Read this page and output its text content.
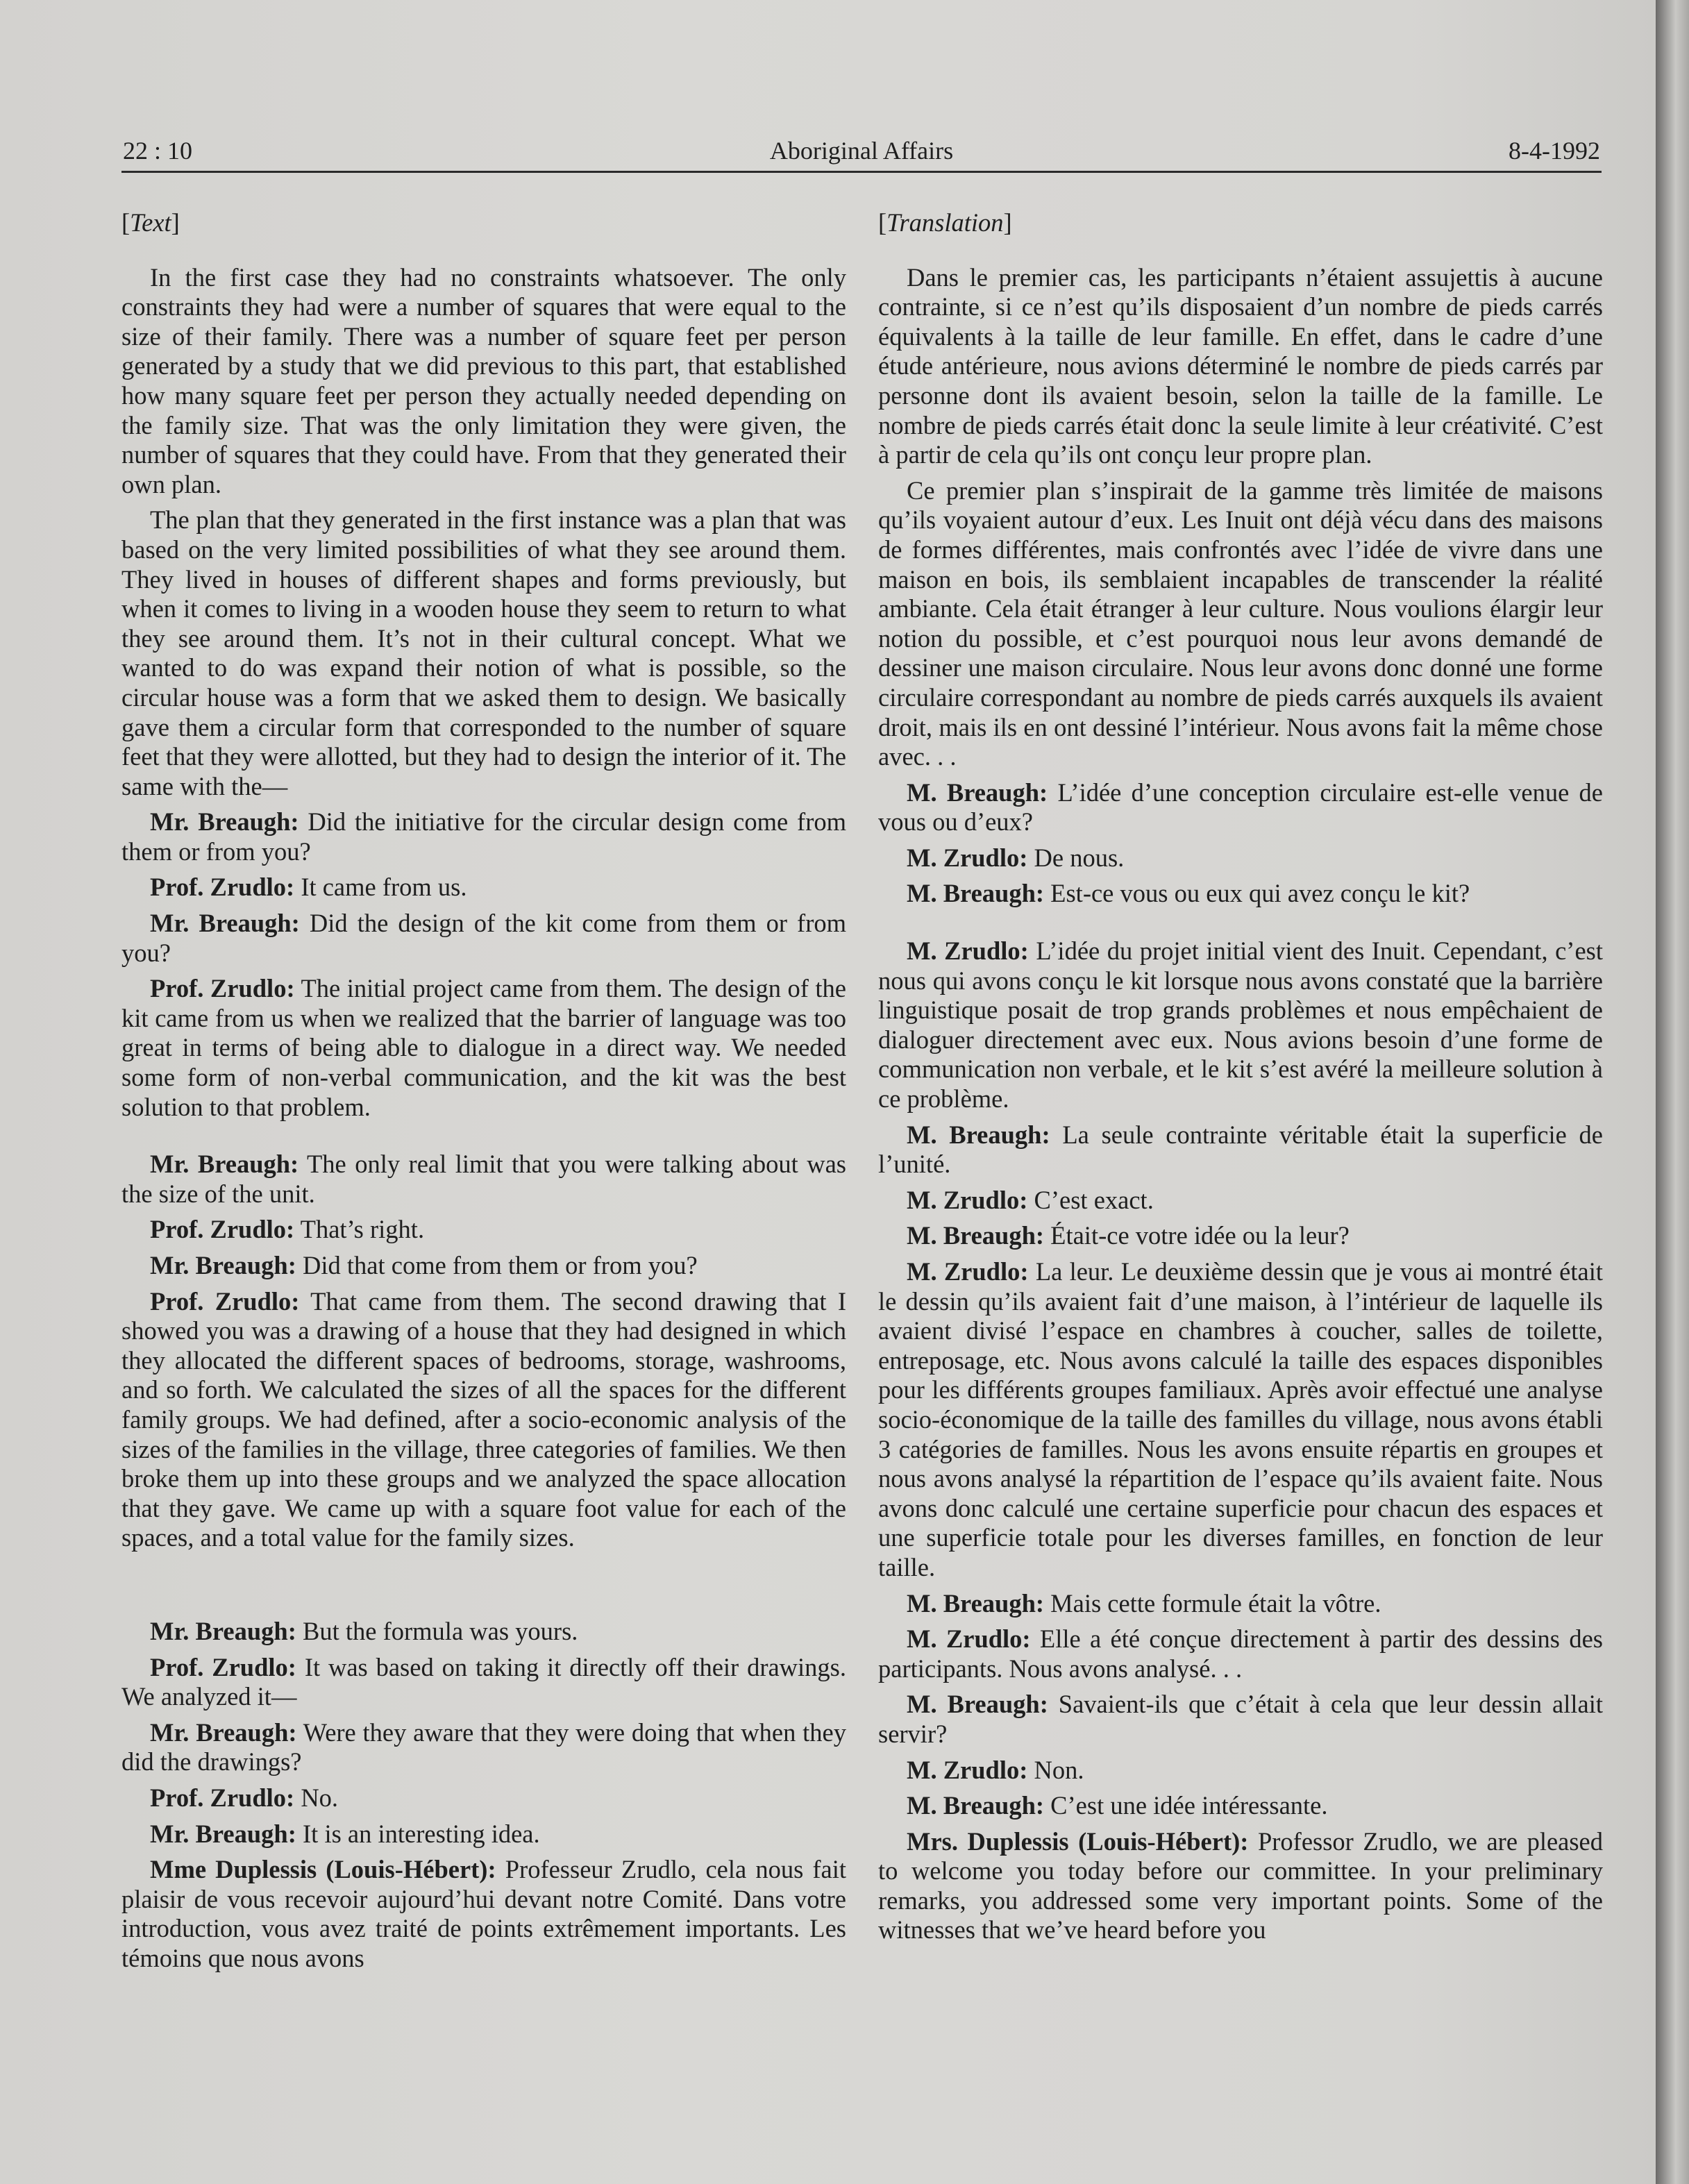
22 : 10	Aboriginal Affairs	8-4-1992
[Text]

In the first case they had no constraints whatsoever. The only constraints they had were a number of squares that were equal to the size of their family. There was a number of square feet per person generated by a study that we did previous to this part, that established how many square feet per person they actually needed depending on the family size. That was the only limitation they were given, the number of squares that they could have. From that they generated their own plan.

The plan that they generated in the first instance was a plan that was based on the very limited possibilities of what they see around them. They lived in houses of different shapes and forms previously, but when it comes to living in a wooden house they seem to return to what they see around them. It’s not in their cultural concept. What we wanted to do was expand their notion of what is possible, so the circular house was a form that we asked them to design. We basically gave them a circular form that corresponded to the number of square feet that they were allotted, but they had to design the interior of it. The same with the—

Mr. Breaugh: Did the initiative for the circular design come from them or from you?

Prof. Zrudlo: It came from us.

Mr. Breaugh: Did the design of the kit come from them or from you?

Prof. Zrudlo: The initial project came from them. The design of the kit came from us when we realized that the barrier of language was too great in terms of being able to dialogue in a direct way. We needed some form of non-verbal communication, and the kit was the best solution to that problem.

Mr. Breaugh: The only real limit that you were talking about was the size of the unit.

Prof. Zrudlo: That’s right.

Mr. Breaugh: Did that come from them or from you?

Prof. Zrudlo: That came from them. The second drawing that I showed you was a drawing of a house that they had designed in which they allocated the different spaces of bedrooms, storage, washrooms, and so forth. We calculated the sizes of all the spaces for the different family groups. We had defined, after a socio-economic analysis of the sizes of the families in the village, three categories of families. We then broke them up into these groups and we analyzed the space allocation that they gave. We came up with a square foot value for each of the spaces, and a total value for the family sizes.

Mr. Breaugh: But the formula was yours.

Prof. Zrudlo: It was based on taking it directly off their drawings. We analyzed it—

Mr. Breaugh: Were they aware that they were doing that when they did the drawings?

Prof. Zrudlo: No.

Mr. Breaugh: It is an interesting idea.

Mme Duplessis (Louis-Hébert): Professeur Zrudlo, cela nous fait plaisir de vous recevoir aujourd’hui devant notre Comité. Dans votre introduction, vous avez traité de points extrêmement importants. Les témoins que nous avons

[Translation]

Dans le premier cas, les participants n’étaient assujettis à aucune contrainte, si ce n’est qu’ils disposaient d’un nombre de pieds carrés équivalents à la taille de leur famille. En effet, dans le cadre d’une étude antérieure, nous avions déterminé le nombre de pieds carrés par personne dont ils avaient besoin, selon la taille de la famille. Le nombre de pieds carrés était donc la seule limite à leur créativité. C’est à partir de cela qu’ils ont conçu leur propre plan.

Ce premier plan s’inspirait de la gamme très limitée de maisons qu’ils voyaient autour d’eux. Les Inuit ont déjà vécu dans des maisons de formes différentes, mais confrontés avec l’idée de vivre dans une maison en bois, ils semblaient incapables de transcender la réalité ambiante. Cela était étranger à leur culture. Nous voulions élargir leur notion du possible, et c’est pourquoi nous leur avons demandé de dessiner une maison circulaire. Nous leur avons donc donné une forme circulaire correspondant au nombre de pieds carrés auxquels ils avaient droit, mais ils en ont dessiné l’intérieur. Nous avons fait la même chose avec. . .

M. Breaugh: L’idée d’une conception circulaire est-elle venue de vous ou d’eux?

M. Zrudlo: De nous.

M. Breaugh: Est-ce vous ou eux qui avez conçu le kit?

M. Zrudlo: L’idée du projet initial vient des Inuit. Cependant, c’est nous qui avons conçu le kit lorsque nous avons constaté que la barrière linguistique posait de trop grands problèmes et nous empêchaient de dialoguer directement avec eux. Nous avions besoin d’une forme de communication non verbale, et le kit s’est avéré la meilleure solution à ce problème.

M. Breaugh: La seule contrainte véritable était la superficie de l’unité.

M. Zrudlo: C’est exact.

M. Breaugh: Était-ce votre idée ou la leur?

M. Zrudlo: La leur. Le deuxième dessin que je vous ai montré était le dessin qu’ils avaient fait d’une maison, à l’intérieur de laquelle ils avaient divisé l’espace en chambres à coucher, salles de toilette, entreposage, etc. Nous avons calculé la taille des espaces disponibles pour les différents groupes familiaux. Après avoir effectué une analyse socio-économique de la taille des familles du village, nous avons établi 3 catégories de familles. Nous les avons ensuite répartis en groupes et nous avons analysé la répartition de l’espace qu’ils avaient faite. Nous avons donc calculé une certaine superficie pour chacun des espaces et une superficie totale pour les diverses familles, en fonction de leur taille.

M. Breaugh: Mais cette formule était la vôtre.

M. Zrudlo: Elle a été conçue directement à partir des dessins des participants. Nous avons analysé. . .

M. Breaugh: Savaient-ils que c’était à cela que leur dessin allait servir?

M. Zrudlo: Non.

M. Breaugh: C’est une idée intéressante.

Mrs. Duplessis (Louis-Hébert): Professor Zrudlo, we are pleased to welcome you today before our committee. In your preliminary remarks, you addressed some very important points. Some of the witnesses that we’ve heard before you
